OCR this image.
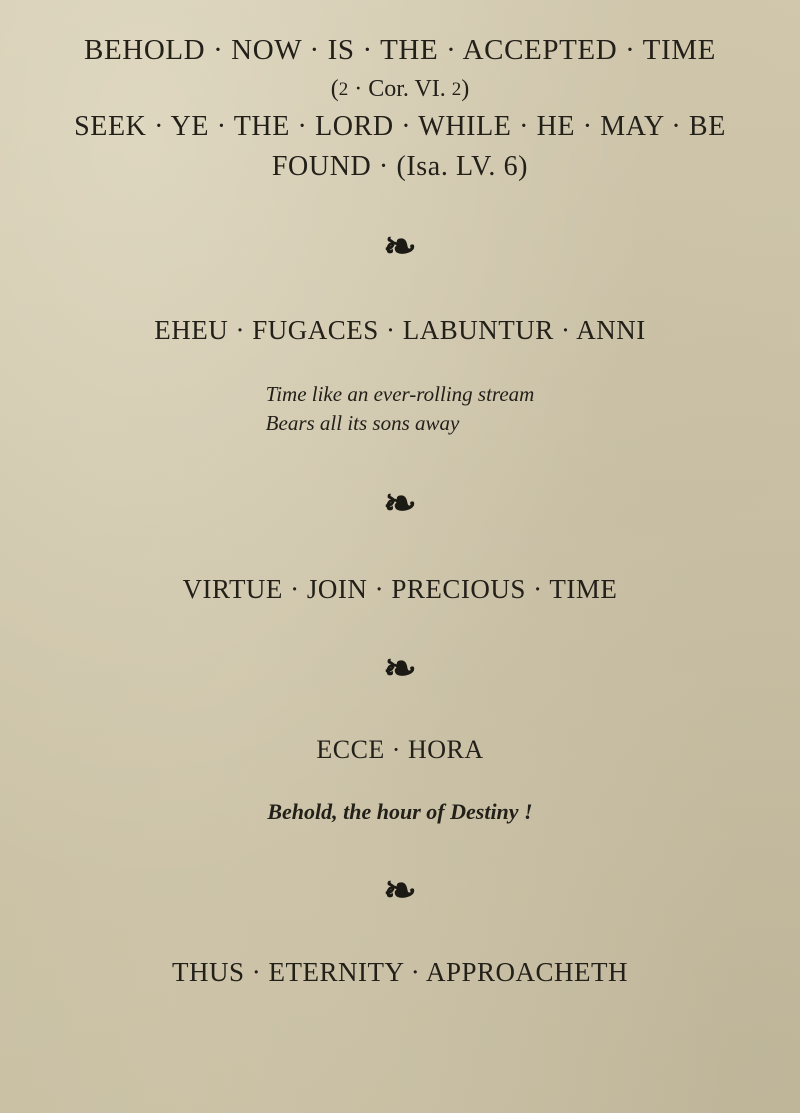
BEHOLD · NOW · IS · THE · ACCEPTED · TIME
(2 · Cor. VI. 2)
SEEK · YE · THE · LORD · WHILE · HE · MAY · BE
FOUND · (Isa. LV. 6)
❧
EHEU · FUGACES · LABUNTUR · ANNI
Time like an ever-rolling stream
Bears all its sons away
❧
VIRTUE · JOIN · PRECIOUS · TIME
❧
ECCE · HORA
Behold, the hour of Destiny !
❧
THUS · ETERNITY · APPROACHETH
